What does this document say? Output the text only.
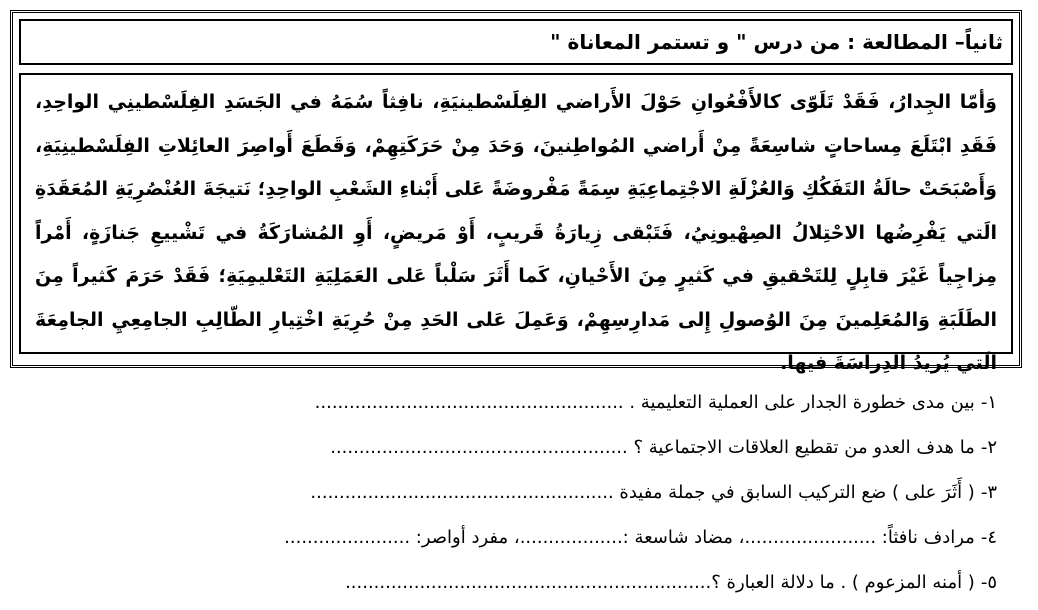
ثانياً– المطالعة : من درس " و تستمر المعاناة "

وَأمّا الجِدارُ، فَقَدْ تَلَوّى كالأَفْعُوانِ حَوْلَ الأَراضي الفِلَسْطينيَةِ، نافِثاً سُمَهُ في الجَسَدِ الفِلَسْطينِي الواحِدِ، فَقَدِ ابْتَلَعَ مِساحاتٍ شاسِعَةً مِنْ أَراضي المُواطِنينَ، وَحَدَ مِنْ حَرَكَتِهِمْ، وَقَطَعَ أَواصِرَ العائِلاتِ الفِلَسْطينِيَةِ، وَأَصْبَحَتْ حالَةُ التَفَكُكِ وَالعُزْلَةِ الاجْتِماعِيَةِ سِمَةً مَفْروضَةً عَلى أَبْناءِ الشَعْبِ الواحِدِ؛ نَتيجَةَ العُنْصُرِيَةِ المُعَقَدَةِ الَتي يَفْرِضُها الاحْتِلالُ الصِهْيونِيُ، فَتَبْقى زِيارَةُ قَريبٍ، أَوْ مَريضٍ، أَوِ المُشارَكَةُ في تَشْييعِ جَنازَةٍ، أَمْراً مِزاجِياً غَيْرَ قابِلٍ لِلتَحْقيقِ في كَثيرٍ مِنَ الأَحْيانِ، كَما أَثَرَ سَلْباً عَلى العَمَلِيَةِ التَعْليمِيَةِ؛ فَقَدْ حَرَمَ كَثيراً مِنَ الطَلَبَةِ وَالمُعَلِمينَ مِنَ الوُصولِ إِلى مَدارِسِهِمْ، وَعَمِلَ عَلى الحَدِ مِنْ حُرِيَةِ اخْتِيارِ الطّالِبِ الجامِعِيِ الجامِعَةَ الَتي يُريدُ الدِراسَةَ فيها.

١-بين مدى خطورة الجدار على العملية التعليمية . ......................................................
٢-ما هدف العدو من تقطيع العلاقات الاجتماعية ؟ ....................................................
٣-( أَثَرَ على ) ضع التركيب السابق في جملة مفيدة .....................................................
٤-مرادف نافثاً: .......................، مضاد شاسعة :..................، مفرد أواصر: ......................
٥-( أمنه المزعوم ) . ما دلالة العبارة ؟................................................................
